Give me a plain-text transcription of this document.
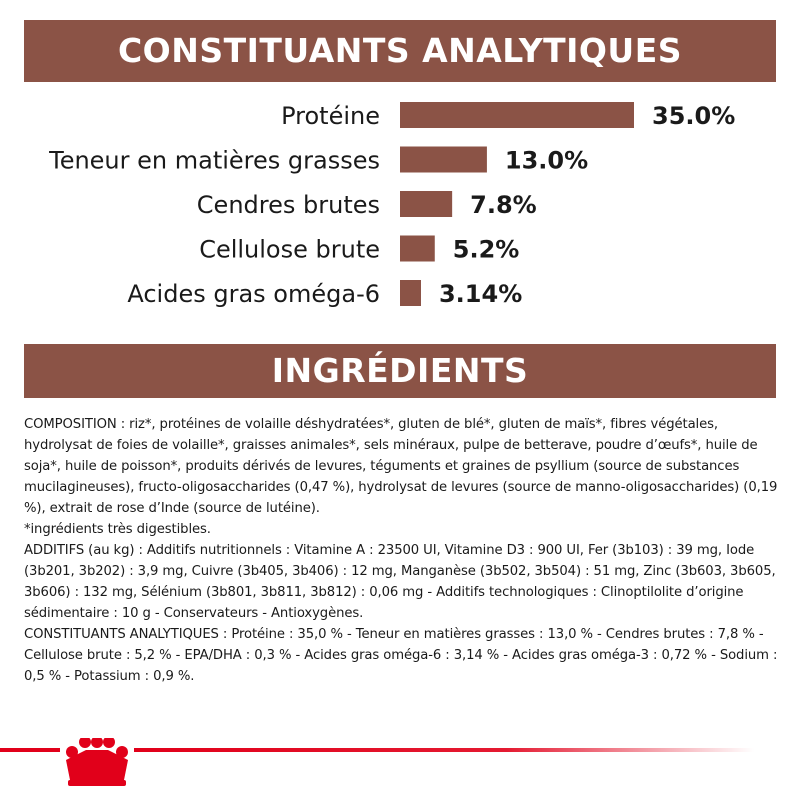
CONSTITUANTS ANALYTIQUES
Protéine	35.0%
Teneur en matières grasses	13.0%
Cendres brutes	7.8%
Cellulose brute	5.2%
Acides gras oméga-6 3.14%
INGRÉDIENTS

COMPOSITION : riz*, protéines de volaille déshydratées*, gluten de blé*, gluten de maïs*, fibres végétales, hydrolysat de foies de volaille*, graisses animales*, sels minéraux, pulpe de betterave, poudre d’œufs*, huile de soja*, huile de poisson*, produits dérivés de levures, téguments et graines de psyllium (source de substances mucilagineuses), fructo-oligosaccharides (0,47 %), hydrolysat de levures (source de manno-oligosaccharides) (0,19 %), extrait de rose d’Inde (source de lutéine).

*ingrédients très digestibles.

ADDITIFS (au kg) : Additifs nutritionnels : Vitamine A : 23500 UI, Vitamine D3 : 900 UI, Fer (3b103) : 39 mg, Iode (3b201, 3b202) : 3,9 mg, Cuivre (3b405, 3b406) : 12 mg, Manganèse (3b502, 3b504) : 51 mg, Zinc (3b603, 3b605, 3b606) : 132 mg, Sélénium (3b801, 3b811, 3b812) : 0,06 mg - Additifs technologiques : Clinoptilolite d’origine sédimentaire : 10 g - Conservateurs - Antioxygènes.

CONSTITUANTS ANALYTIQUES : Protéine : 35,0 % - Teneur en matières grasses : 13,0 % - Cendres brutes : 7,8 % - Cellulose brute : 5,2 % - EPA/DHA : 0,3 % - Acides gras oméga-6 : 3,14 % - Acides gras oméga-3 : 0,72 % - Sodium : 0,5 % - Potassium : 0,9 %.
